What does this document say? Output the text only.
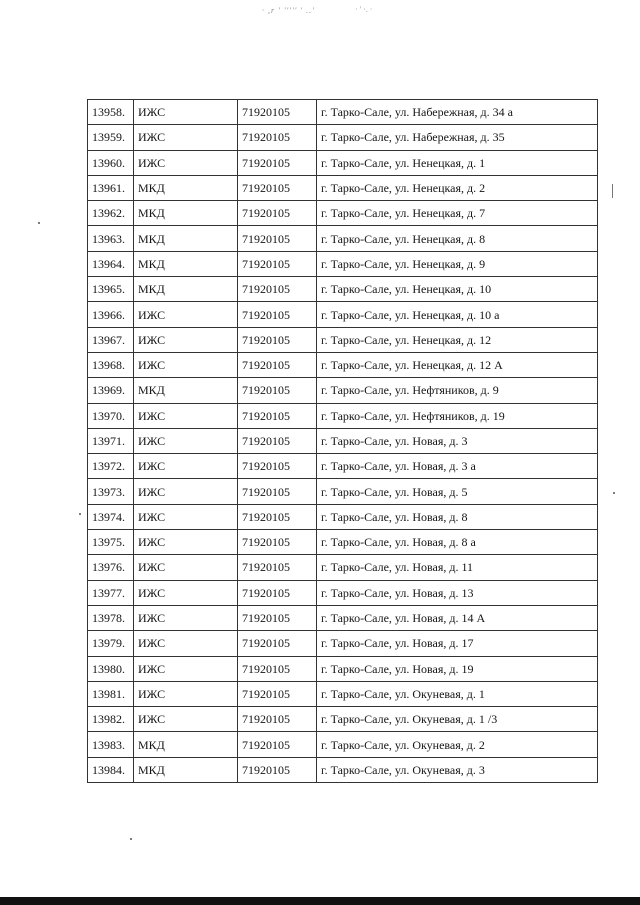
· ,r ' ''''' ' ..'	· ' ·. ·
13958.	ИЖС	71920105	г. Тарко-Сале, ул. Набережная, д. 34 а
13959.	ИЖС	71920105	г. Тарко-Сале, ул. Набережная, д. 35
13960.	ИЖС	71920105	г. Тарко-Сале, ул. Ненецкая, д. 1
13961.	МКД	71920105	г. Тарко-Сале, ул. Ненецкая, д. 2
13962.	МКД	71920105	г. Тарко-Сале, ул. Ненецкая, д. 7
13963.	МКД	71920105	г. Тарко-Сале, ул. Ненецкая, д. 8
13964.	МКД	71920105	г. Тарко-Сале, ул. Ненецкая, д. 9
13965.	МКД	71920105	г. Тарко-Сале, ул. Ненецкая, д. 10
13966.	ИЖС	71920105	г. Тарко-Сале, ул. Ненецкая, д. 10 а
13967.	ИЖС	71920105	г. Тарко-Сале, ул. Ненецкая, д. 12
13968.	ИЖС	71920105	г. Тарко-Сале, ул. Ненецкая, д. 12 А
13969.	МКД	71920105	г. Тарко-Сале, ул. Нефтяников, д. 9
13970.	ИЖС	71920105	г. Тарко-Сале, ул. Нефтяников, д. 19
13971.	ИЖС	71920105	г. Тарко-Сале, ул. Новая, д. 3
13972.	ИЖС	71920105	г. Тарко-Сале, ул. Новая, д. 3 а
13973.	ИЖС	71920105	г. Тарко-Сале, ул. Новая, д. 5
13974.	ИЖС	71920105	г. Тарко-Сале, ул. Новая, д. 8
13975.	ИЖС	71920105	г. Тарко-Сале, ул. Новая, д. 8 а
13976.	ИЖС	71920105	г. Тарко-Сале, ул. Новая, д. 11
13977.	ИЖС	71920105	г. Тарко-Сале, ул. Новая, д. 13
13978.	ИЖС	71920105	г. Тарко-Сале, ул. Новая, д. 14 А
13979.	ИЖС	71920105	г. Тарко-Сале, ул. Новая, д. 17
13980.	ИЖС	71920105	г. Тарко-Сале, ул. Новая, д. 19
13981.	ИЖС	71920105	г. Тарко-Сале, ул. Окуневая, д. 1
13982.	ИЖС	71920105	г. Тарко-Сале, ул. Окуневая, д. 1 /3
13983.	МКД	71920105	г. Тарко-Сале, ул. Окуневая, д. 2
13984.	МКД	71920105	г. Тарко-Сале, ул. Окуневая, д. 3
